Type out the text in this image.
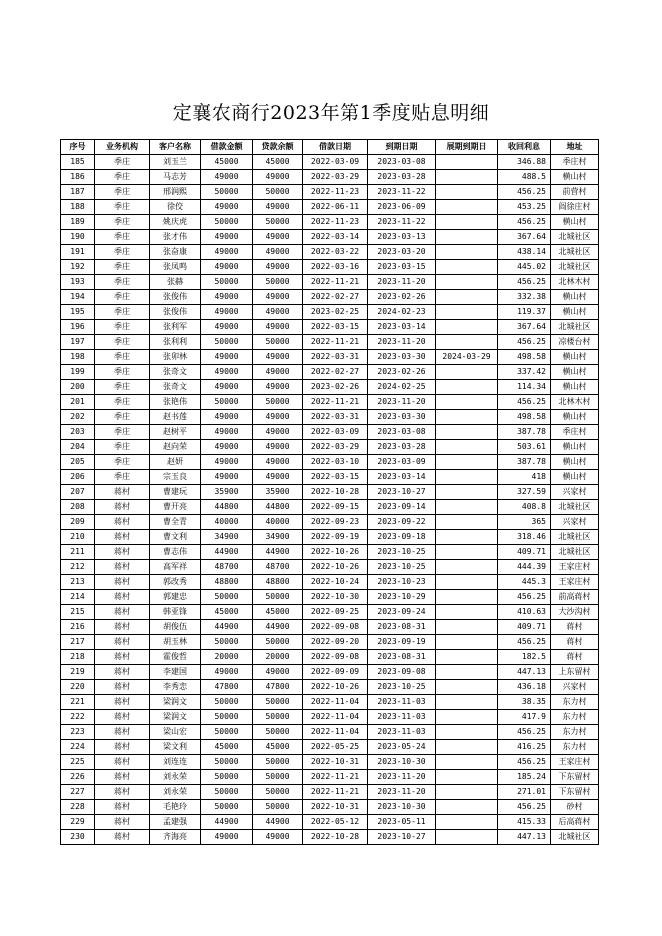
定襄农商行2023年第1季度贴息明细
序号	业务机构	客户名称	借款金额	贷款余额	借款日期	到期日期	展期到期日	收回利息	地址
185	季庄	刘玉兰	45000	45000	2022-03-09	2023-03-08		346.88	季庄村
186	季庄	马志芳	49000	49000	2022-03-29	2023-03-28		488.5	横山村
187	季庄	邢润熙	50000	50000	2022-11-23	2023-11-22		456.25	前营村
188	季庄	徐佼	49000	49000	2022-06-11	2023-06-09		453.25	阎徐庄村
189	季庄	姚庆虎	50000	50000	2022-11-23	2023-11-22		456.25	横山村
190	季庄	张才伟	49000	49000	2022-03-14	2023-03-13		367.64	北城社区
191	季庄	张奋康	49000	49000	2022-03-22	2023-03-20		438.14	北城社区
192	季庄	张凤鸣	49000	49000	2022-03-16	2023-03-15		445.02	北城社区
193	季庄	张赫	50000	50000	2022-11-21	2023-11-20		456.25	北林木村
194	季庄	张俊伟	49000	49000	2022-02-27	2023-02-26		332.38	横山村
195	季庄	张俊伟	49000	49000	2023-02-25	2024-02-23		119.37	横山村
196	季庄	张利军	49000	49000	2022-03-15	2023-03-14		367.64	北城社区
197	季庄	张利利	50000	50000	2022-11-21	2023-11-20		456.25	凉楼台村
198	季庄	张卯林	49000	49000	2022-03-31	2023-03-30	2024-03-29	498.58	横山村
199	季庄	张奇文	49000	49000	2022-02-27	2023-02-26		337.42	横山村
200	季庄	张奇文	49000	49000	2023-02-26	2024-02-25		114.34	横山村
201	季庄	张艳伟	50000	50000	2022-11-21	2023-11-20		456.25	北林木村
202	季庄	赵书莲	49000	49000	2022-03-31	2023-03-30		498.58	横山村
203	季庄	赵树平	49000	49000	2022-03-09	2023-03-08		387.78	季庄村
204	季庄	赵向荣	49000	49000	2022-03-29	2023-03-28		503.61	横山村
205	季庄	赵妍	49000	49000	2022-03-10	2023-03-09		387.78	横山村
206	季庄	宗玉良	49000	49000	2022-03-15	2023-03-14		418	横山村
207	蒋村	曹建玩	35900	35900	2022-10-28	2023-10-27		327.59	兴家村
208	蒋村	曹开亮	44800	44800	2022-09-15	2023-09-14		408.8	北城社区
209	蒋村	曹全青	40000	40000	2022-09-23	2023-09-22		365	兴家村
210	蒋村	曹文利	34900	34900	2022-09-19	2023-09-18		318.46	北城社区
211	蒋村	曹志伟	44900	44900	2022-10-26	2023-10-25		409.71	北城社区
212	蒋村	高军祥	48700	48700	2022-10-26	2023-10-25		444.39	王家庄村
213	蒋村	郭改秀	48800	48800	2022-10-24	2023-10-23		445.3	王家庄村
214	蒋村	郭建忠	50000	50000	2022-10-30	2023-10-29		456.25	前高蒋村
215	蒋村	韩亚锋	45000	45000	2022-09-25	2023-09-24		410.63	大沙沟村
216	蒋村	胡俊伍	44900	44900	2022-09-08	2023-08-31		409.71	蒋村
217	蒋村	胡玉林	50000	50000	2022-09-20	2023-09-19		456.25	蒋村
218	蒋村	霍俊哲	20000	20000	2022-09-08	2023-08-31		182.5	蒋村
219	蒋村	李建国	49000	49000	2022-09-09	2023-09-08		447.13	上东留村
220	蒋村	李秀恋	47800	47800	2022-10-26	2023-10-25		436.18	兴家村
221	蒋村	梁润文	50000	50000	2022-11-04	2023-11-03		38.35	东力村
222	蒋村	梁润文	50000	50000	2022-11-04	2023-11-03		417.9	东力村
223	蒋村	梁山宏	50000	50000	2022-11-04	2023-11-03		456.25	东力村
224	蒋村	梁文利	45000	45000	2022-05-25	2023-05-24		416.25	东力村
225	蒋村	刘连连	50000	50000	2022-10-31	2023-10-30		456.25	王家庄村
226	蒋村	刘永荣	50000	50000	2022-11-21	2023-11-20		185.24	下东留村
227	蒋村	刘永荣	50000	50000	2022-11-21	2023-11-20		271.01	下东留村
228	蒋村	毛艳玲	50000	50000	2022-10-31	2023-10-30		456.25	砂村
229	蒋村	孟建强	44900	44900	2022-05-12	2023-05-11		415.33	后高蒋村
230	蒋村	齐海亮	49000	49000	2022-10-28	2023-10-27		447.13	北城社区
